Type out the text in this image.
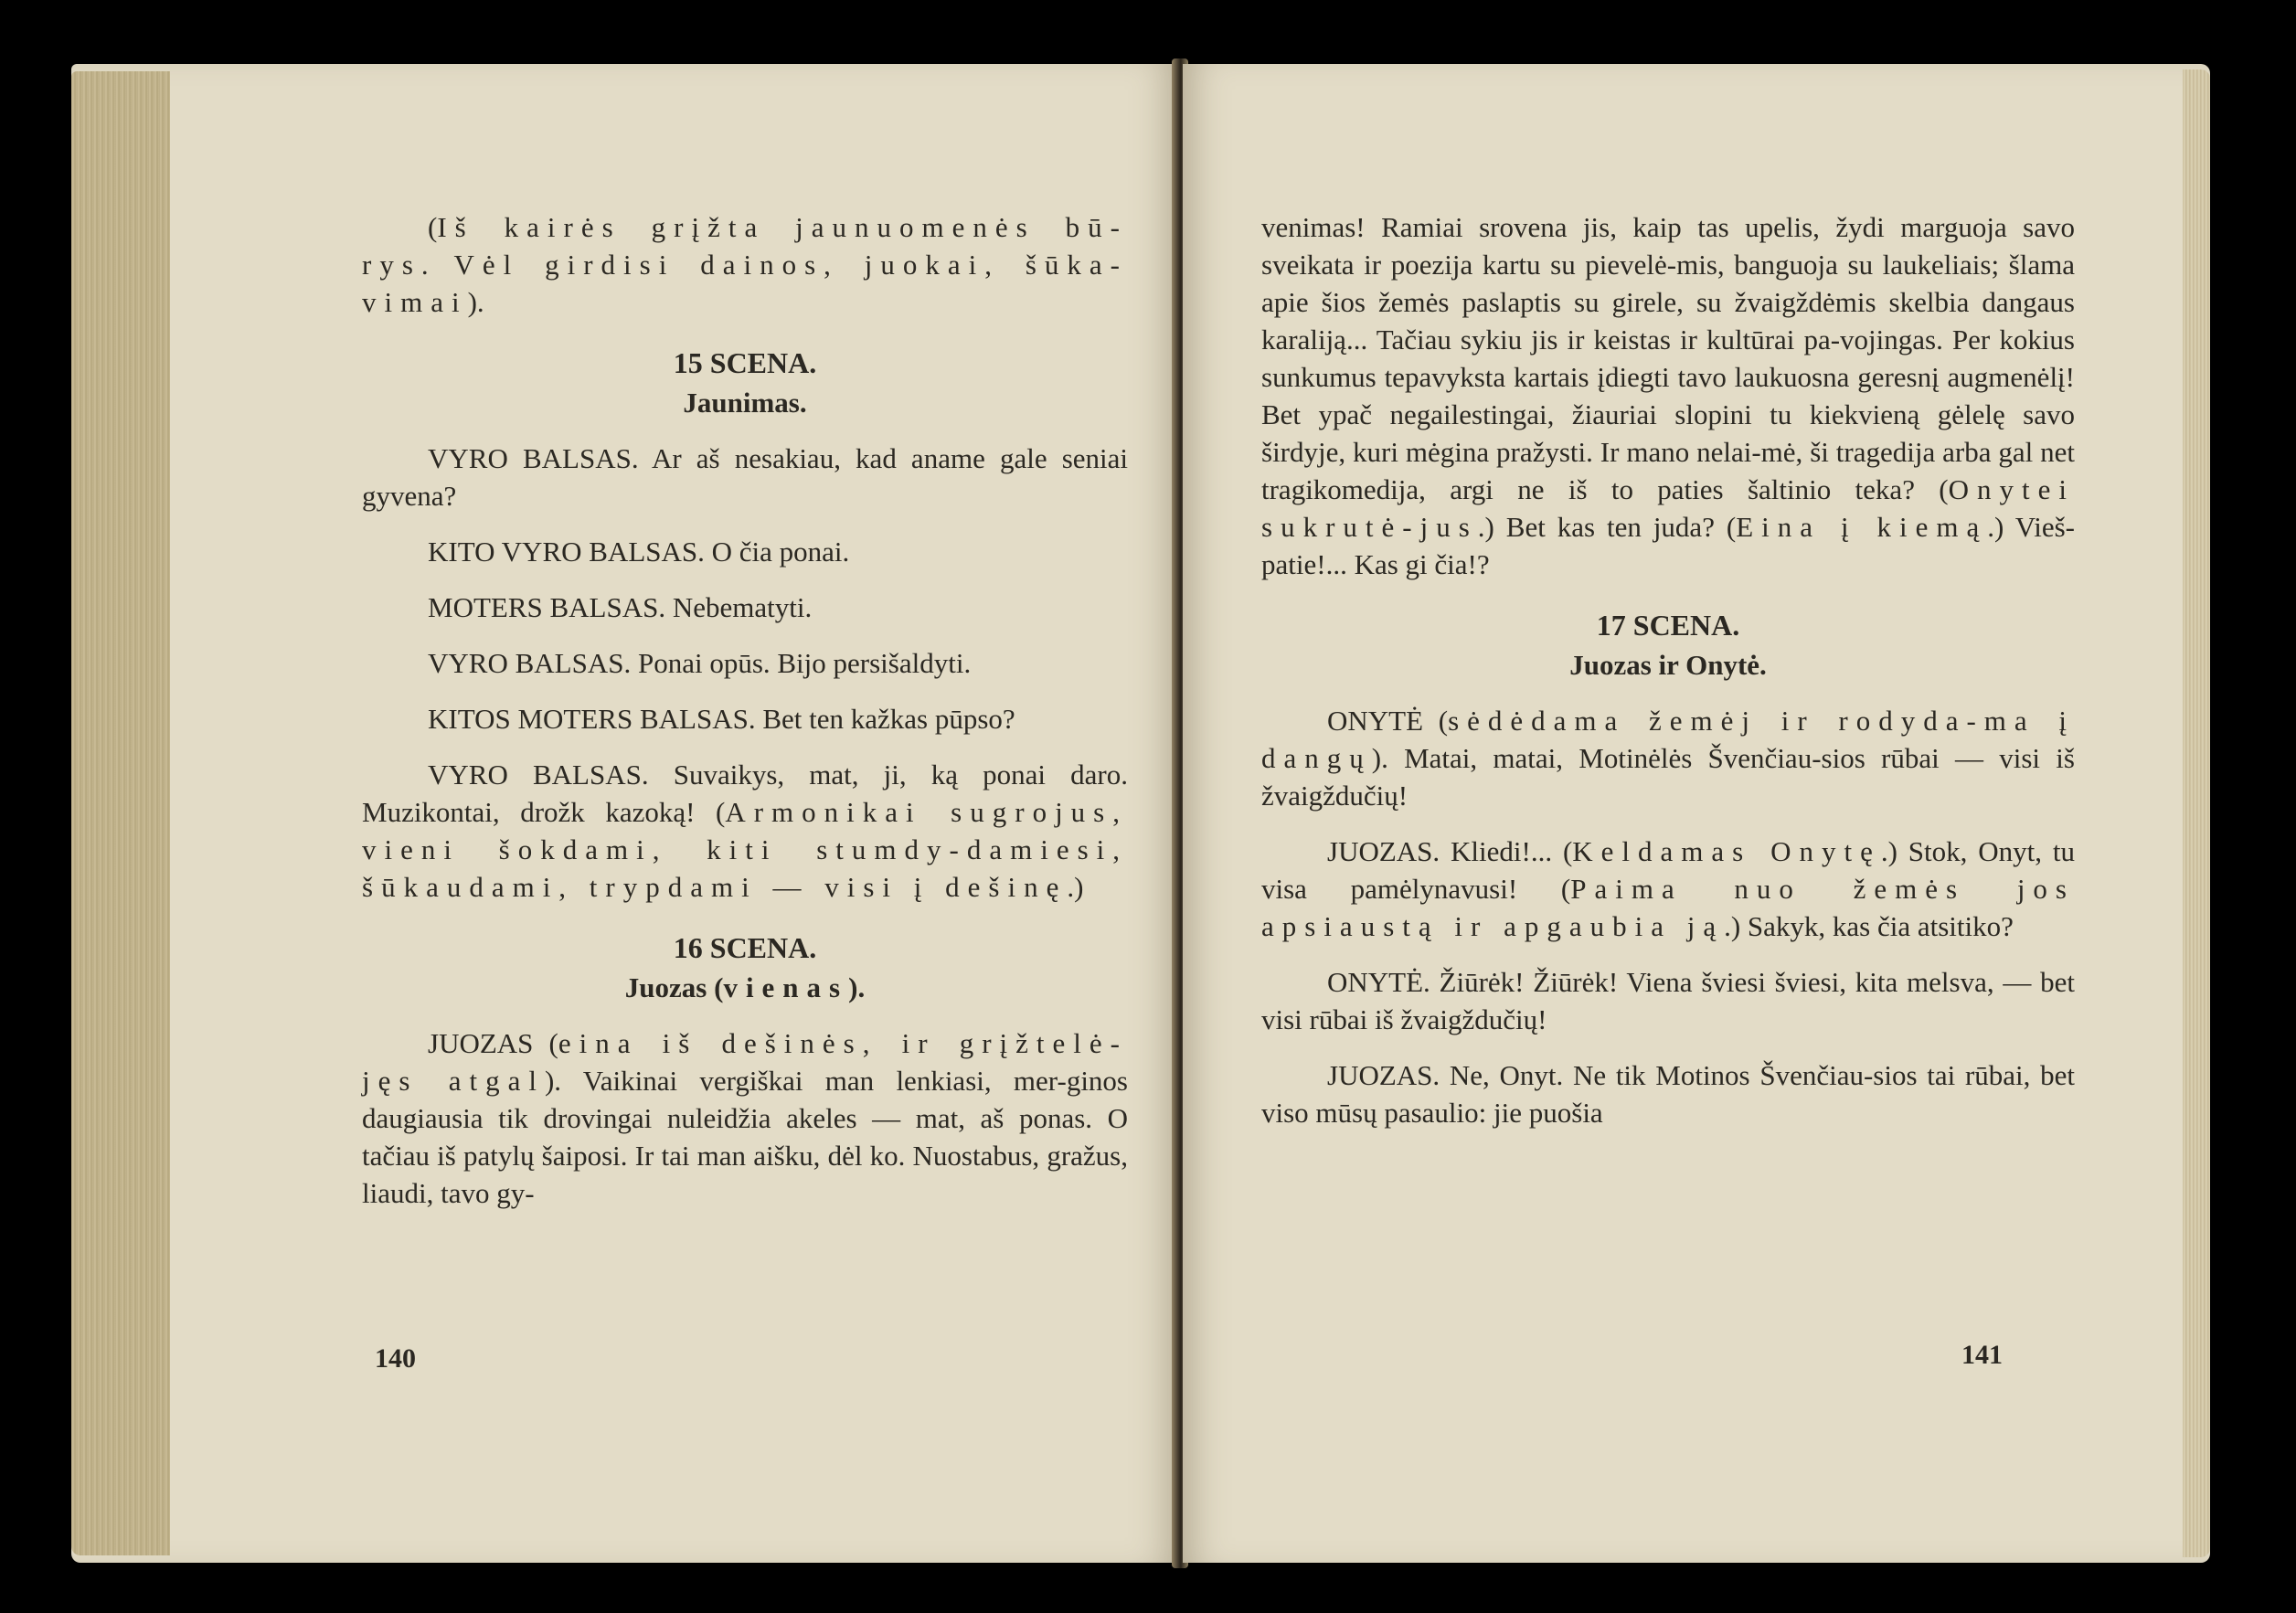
(Iš kairės grįžta jaunuomenės bū-rys. Vėl girdisi dainos, juokai, šūka-vimai).

15 SCENA.

Jaunimas.

VYRO BALSAS. Ar aš nesakiau, kad aname gale seniai gyvena?

KITO VYRO BALSAS. O čia ponai.

MOTERS BALSAS. Nebematyti.

VYRO BALSAS. Ponai opūs. Bijo persišaldyti.

KITOS MOTERS BALSAS. Bet ten kažkas pūpso?

VYRO BALSAS. Suvaikys, mat, ji, ką ponai daro. Muzikontai, drožk kazoką! (Armonikai sugrojus, vieni šokdami, kiti stumdy-damiesi, šūkaudami, trypdami — visi į dešinę.)

16 SCENA.

Juozas (vienas).

JUOZAS (eina iš dešinės, ir grįžtelė-jęs atgal). Vaikinai vergiškai man lenkiasi, mer-ginos daugiausia tik drovingai nuleidžia akeles — mat, aš ponas. O tačiau iš patylų šaiposi. Ir tai man aišku, dėl ko. Nuostabus, gražus, liaudi, tavo gy-

140

venimas! Ramiai srovena jis, kaip tas upelis, žydi marguoja savo sveikata ir poezija kartu su pievelė-mis, banguoja su laukeliais; šlama apie šios žemės paslaptis su girele, su žvaigždėmis skelbia dangaus karaliją... Tačiau sykiu jis ir keistas ir kultūrai pa-vojingas. Per kokius sunkumus tepavyksta kartais įdiegti tavo laukuosna geresnį augmenėlį! Bet ypač negailestingai, žiauriai slopini tu kiekvieną gėlelę savo širdyje, kuri mėgina pražysti. Ir mano nelai-mė, ši tragedija arba gal net tragikomedija, argi ne iš to paties šaltinio teka? (Onytei sukrutė-jus.) Bet kas ten juda? (Eina į kiemą.) Vieš-patie!... Kas gi čia!?

17 SCENA.

Juozas ir Onytė.

ONYTĖ (sėdėdama žemėj ir rodyda-ma į dangų). Matai, matai, Motinėlės Švenčiau-sios rūbai — visi iš žvaigždučių!

JUOZAS. Kliedi!... (Keldamas Onytę.) Stok, Onyt, tu visa pamėlynavusi! (Paima nuo žemės jos apsiaustą ir apgaubia ją.) Sakyk, kas čia atsitiko?

ONYTĖ. Žiūrėk! Žiūrėk! Viena šviesi šviesi, kita melsva, — bet visi rūbai iš žvaigždučių!

JUOZAS. Ne, Onyt. Ne tik Motinos Švenčiau-sios tai rūbai, bet viso mūsų pasaulio: jie puošia

141
